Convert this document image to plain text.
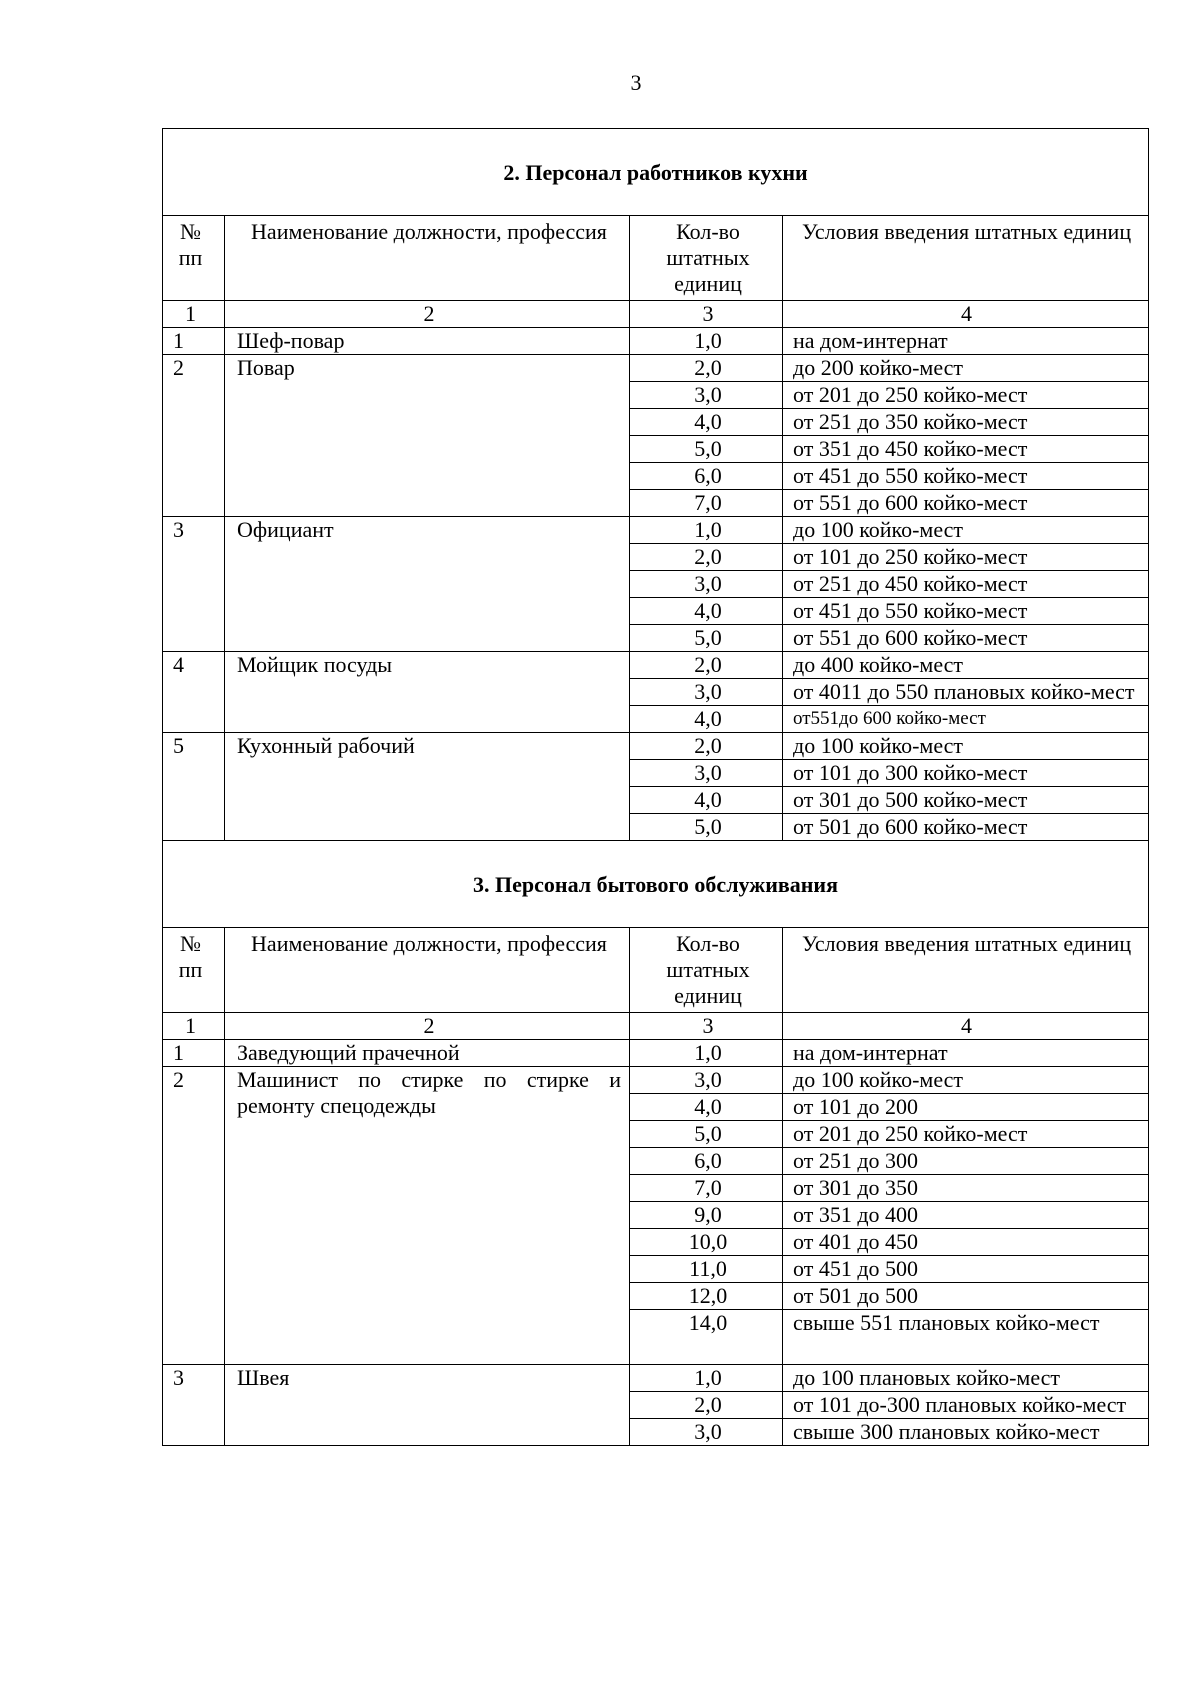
3
2. Персонал работников кухни			
№
пп	Наименование должности, профессия	Кол-во штатных единиц	Условия введения штатных единиц
1	2	3	4
1	Шеф-повар	1,0	на дом-интернат
2	Повар	2,0	до 200 койко-мест
		3,0	от 201 до 250 койко-мест
		4,0	от 251 до 350 койко-мест
		5,0	от 351 до 450 койко-мест
		6,0	от 451 до 550 койко-мест
		7,0	от 551 до 600 койко-мест
3	Официант	1,0	до 100 койко-мест
		2,0	от 101 до 250 койко-мест
		3,0	от 251 до 450 койко-мест
		4,0	от 451 до 550 койко-мест
		5,0	от 551 до 600 койко-мест
4	Мойщик посуды	2,0	до 400 койко-мест
		3,0	от 4011 до 550 плановых койко-мест
		4,0	от551до 600 койко-мест
5	Кухонный рабочий	2,0	до 100 койко-мест
		3,0	от 101 до 300 койко-мест
		4,0	от 301 до 500 койко-мест
		5,0	от 501 до 600 койко-мест
3. Персонал бытового обслуживания			
№
пп	Наименование должности, профессия	Кол-во штатных единиц	Условия введения штатных единиц
1	2	3	4
1	Заведующий прачечной	1,0	на дом-интернат
2	Машинист по стирке по стирке и ремонту спецодежды	3,0	до 100 койко-мест
		4,0	от 101 до 200
		5,0	от 201 до 250 койко-мест
		6,0	от 251 до 300
		7,0	от 301 до 350
		9,0	от 351 до 400
		10,0	от 401 до 450
		11,0	от 451 до 500
		12,0	от 501 до 500
		14,0	свыше 551 плановых койко-мест
3	Швея	1,0	до 100 плановых койко-мест
		2,0	от 101 до-300 плановых койко-мест
		3,0	свыше 300 плановых койко-мест
